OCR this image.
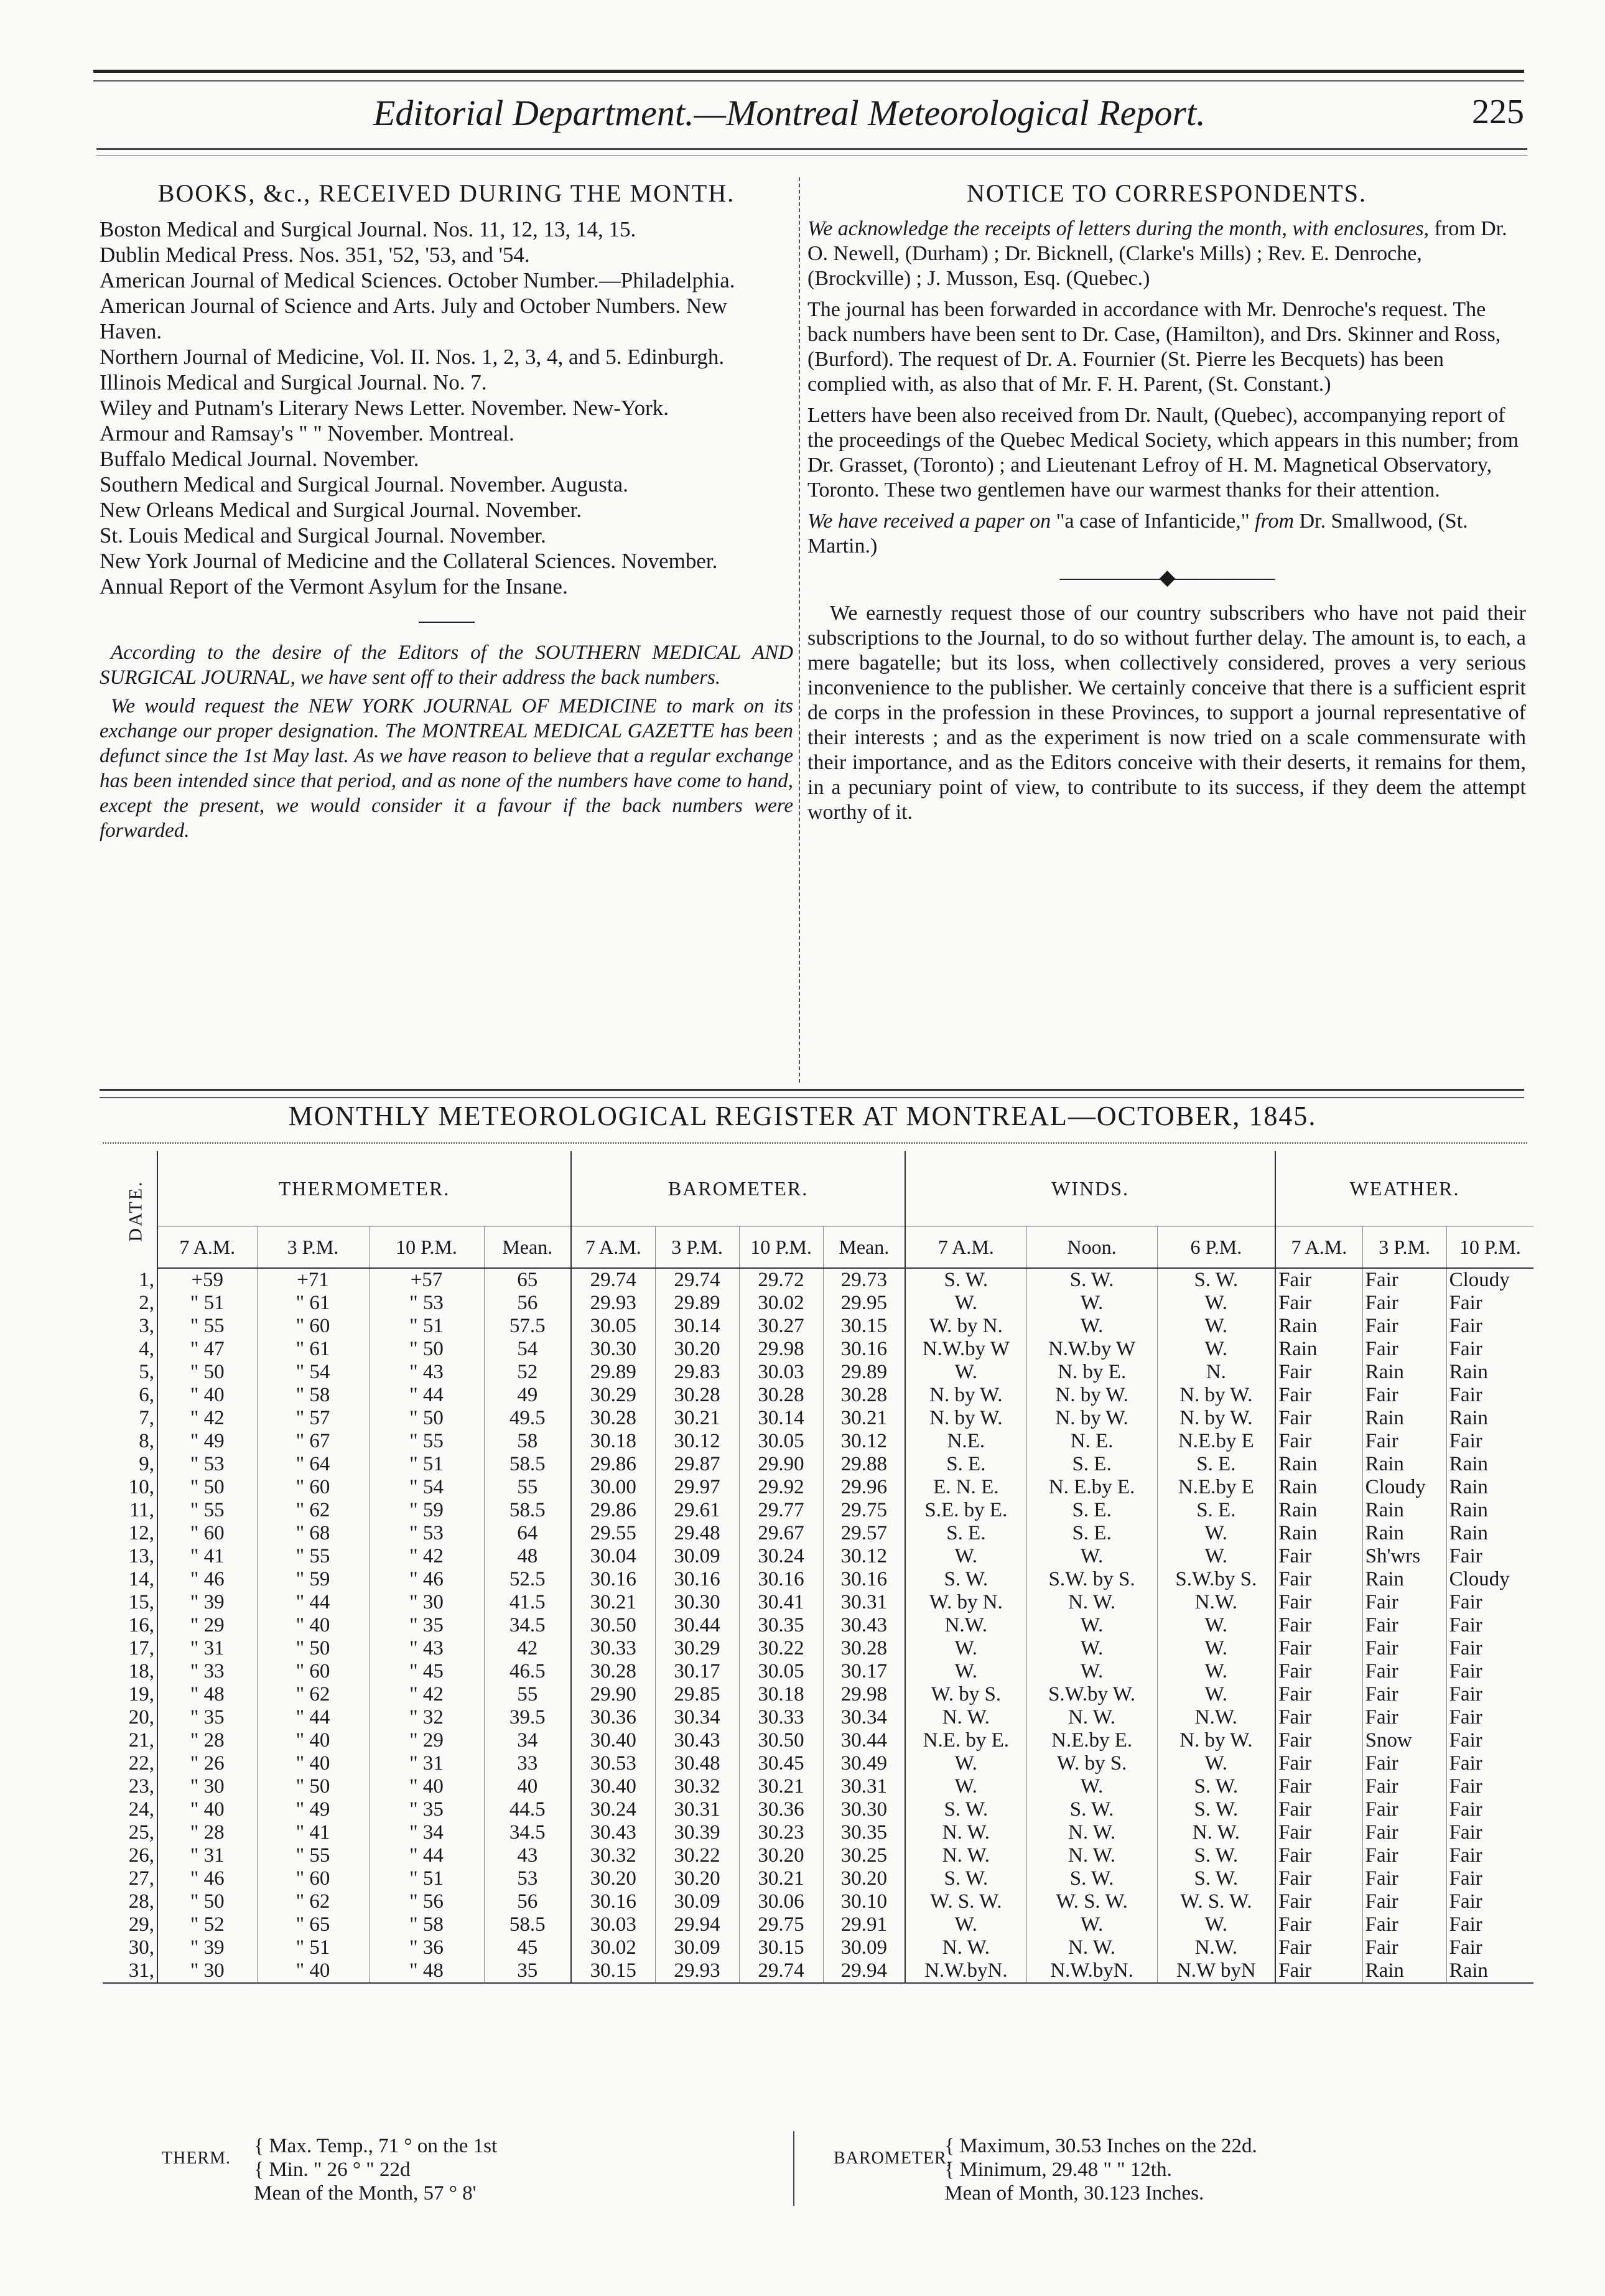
Editorial Department.—Montreal Meteorological Report.	225
BOOKS, &c., RECEIVED DURING THE MONTH.
Boston Medical and Surgical Journal. Nos. 11, 12, 13, 14, 15.
Dublin Medical Press. Nos. 351, '52, '53, and '54.
American Journal of Medical Sciences. October Number.—Philadelphia.
American Journal of Science and Arts. July and October Numbers. New Haven.
Northern Journal of Medicine, Vol. II. Nos. 1, 2, 3, 4, and 5. Edinburgh.
Illinois Medical and Surgical Journal. No. 7.
Wiley and Putnam's Literary News Letter. November. New-York.
Armour and Ramsay's " " November. Montreal.
Buffalo Medical Journal. November.
Southern Medical and Surgical Journal. November. Augusta.
New Orleans Medical and Surgical Journal. November.
St. Louis Medical and Surgical Journal. November.
New York Journal of Medicine and the Collateral Sciences. November.
Annual Report of the Vermont Asylum for the Insane.

According to the desire of the Editors of the SOUTHERN MEDICAL AND SURGICAL JOURNAL, we have sent off to their address the back numbers.

We would request the NEW YORK JOURNAL OF MEDICINE to mark on its exchange our proper designation. The MONTREAL MEDICAL GAZETTE has been defunct since the 1st May last. As we have reason to believe that a regular exchange has been intended since that period, and as none of the numbers have come to hand, except the present, we would consider it a favour if the back numbers were forwarded.

NOTICE TO CORRESPONDENTS.

We acknowledge the receipts of letters during the month, with enclosures, from Dr. O. Newell, (Durham) ; Dr. Bicknell, (Clarke's Mills) ; Rev. E. Denroche, (Brockville) ; J. Musson, Esq. (Quebec.)

The journal has been forwarded in accordance with Mr. Denroche's request. The back numbers have been sent to Dr. Case, (Hamilton), and Drs. Skinner and Ross, (Burford). The request of Dr. A. Fournier (St. Pierre les Becquets) has been complied with, as also that of Mr. F. H. Parent, (St. Constant.)

Letters have been also received from Dr. Nault, (Quebec), accompanying report of the proceedings of the Quebec Medical Society, which appears in this number; from Dr. Grasset, (Toronto) ; and Lieutenant Lefroy of H. M. Magnetical Observatory, Toronto. These two gentlemen have our warmest thanks for their attention.

We have received a paper on "a case of Infanticide," from Dr. Smallwood, (St. Martin.)

—————◆—————

We earnestly request those of our country subscribers who have not paid their subscriptions to the Journal, to do so without further delay. The amount is, to each, a mere bagatelle; but its loss, when collectively considered, proves a very serious inconvenience to the publisher. We certainly conceive that there is a sufficient esprit de corps in the profession in these Provinces, to support a journal representative of their interests ; and as the experiment is now tried on a scale commensurate with their importance, and as the Editors conceive with their deserts, it remains for them, in a pecuniary point of view, to contribute to its success, if they deem the attempt worthy of it.

MONTHLY METEOROLOGICAL REGISTER AT MONTREAL—OCTOBER, 1845.
DATE.	THERMOMETER.				BAROMETER.				WINDS.			WEATHER.		
	7 A.M.	3 P.M.	10 P.M.	Mean.	7 A.M.	3 P.M.	10 P.M.	Mean.	7 A.M.	Noon.	6 P.M.	7 A.M.	3 P.M.	10 P.M.
1,	+59	+71	+57	65	29.74	29.74	29.72	29.73	S. W.	S. W.	S. W.	Fair	Fair	Cloudy
2,	" 51	" 61	" 53	56	29.93	29.89	30.02	29.95	W.	W.	W.	Fair	Fair	Fair
3,	" 55	" 60	" 51	57.5	30.05	30.14	30.27	30.15	W. by N.	W.	W.	Rain	Fair	Fair
4,	" 47	" 61	" 50	54	30.30	30.20	29.98	30.16	N.W.by W	N.W.by W	W.	Rain	Fair	Fair
5,	" 50	" 54	" 43	52	29.89	29.83	30.03	29.89	W.	N. by E.	N.	Fair	Rain	Rain
6,	" 40	" 58	" 44	49	30.29	30.28	30.28	30.28	N. by W.	N. by W.	N. by W.	Fair	Fair	Fair
7,	" 42	" 57	" 50	49.5	30.28	30.21	30.14	30.21	N. by W.	N. by W.	N. by W.	Fair	Rain	Rain
8,	" 49	" 67	" 55	58	30.18	30.12	30.05	30.12	N.E.	N. E.	N.E.by E	Fair	Fair	Fair
9,	" 53	" 64	" 51	58.5	29.86	29.87	29.90	29.88	S. E.	S. E.	S. E.	Rain	Rain	Rain
10,	" 50	" 60	" 54	55	30.00	29.97	29.92	29.96	E. N. E.	N. E.by E.	N.E.by E	Rain	Cloudy	Rain
11,	" 55	" 62	" 59	58.5	29.86	29.61	29.77	29.75	S.E. by E.	S. E.	S. E.	Rain	Rain	Rain
12,	" 60	" 68	" 53	64	29.55	29.48	29.67	29.57	S. E.	S. E.	W.	Rain	Rain	Rain
13,	" 41	" 55	" 42	48	30.04	30.09	30.24	30.12	W.	W.	W.	Fair	Sh'wrs	Fair
14,	" 46	" 59	" 46	52.5	30.16	30.16	30.16	30.16	S. W.	S.W. by S.	S.W.by S.	Fair	Rain	Cloudy
15,	" 39	" 44	" 30	41.5	30.21	30.30	30.41	30.31	W. by N.	N. W.	N.W.	Fair	Fair	Fair
16,	" 29	" 40	" 35	34.5	30.50	30.44	30.35	30.43	N.W.	W.	W.	Fair	Fair	Fair
17,	" 31	" 50	" 43	42	30.33	30.29	30.22	30.28	W.	W.	W.	Fair	Fair	Fair
18,	" 33	" 60	" 45	46.5	30.28	30.17	30.05	30.17	W.	W.	W.	Fair	Fair	Fair
19,	" 48	" 62	" 42	55	29.90	29.85	30.18	29.98	W. by S.	S.W.by W.	W.	Fair	Fair	Fair
20,	" 35	" 44	" 32	39.5	30.36	30.34	30.33	30.34	N. W.	N. W.	N.W.	Fair	Fair	Fair
21,	" 28	" 40	" 29	34	30.40	30.43	30.50	30.44	N.E. by E.	N.E.by E.	N. by W.	Fair	Snow	Fair
22,	" 26	" 40	" 31	33	30.53	30.48	30.45	30.49	W.	W. by S.	W.	Fair	Fair	Fair
23,	" 30	" 50	" 40	40	30.40	30.32	30.21	30.31	W.	W.	S. W.	Fair	Fair	Fair
24,	" 40	" 49	" 35	44.5	30.24	30.31	30.36	30.30	S. W.	S. W.	S. W.	Fair	Fair	Fair
25,	" 28	" 41	" 34	34.5	30.43	30.39	30.23	30.35	N. W.	N. W.	N. W.	Fair	Fair	Fair
26,	" 31	" 55	" 44	43	30.32	30.22	30.20	30.25	N. W.	N. W.	S. W.	Fair	Fair	Fair
27,	" 46	" 60	" 51	53	30.20	30.20	30.21	30.20	S. W.	S. W.	S. W.	Fair	Fair	Fair
28,	" 50	" 62	" 56	56	30.16	30.09	30.06	30.10	W. S. W.	W. S. W.	W. S. W.	Fair	Fair	Fair
29,	" 52	" 65	" 58	58.5	30.03	29.94	29.75	29.91	W.	W.	W.	Fair	Fair	Fair
30,	" 39	" 51	" 36	45	30.02	30.09	30.15	30.09	N. W.	N. W.	N.W.	Fair	Fair	Fair
31,	" 30	" 40	" 48	35	30.15	29.93	29.74	29.94	N.W.byN.	N.W.byN.	N.W byN	Fair	Rain	Rain
THERM.
{ Max. Temp., 71 ° on the 1st
{ Min. " 26 ° " 22d
Mean of the Month, 57 ° 8'
BAROMETER,
{ Maximum, 30.53 Inches on the 22d.
{ Minimum, 29.48 " " 12th.
Mean of Month, 30.123 Inches.
